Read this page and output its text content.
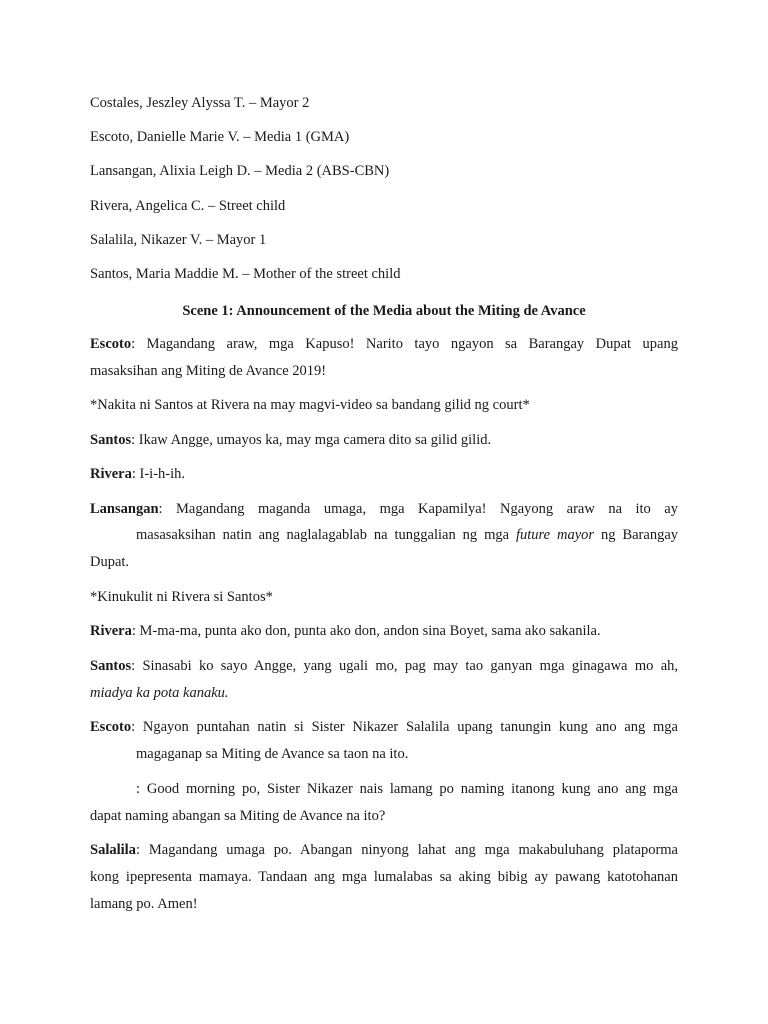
Costales, Jeszley Alyssa T. – Mayor 2
Escoto, Danielle Marie V. – Media 1 (GMA)
Lansangan, Alixia Leigh D. – Media 2 (ABS-CBN)
Rivera, Angelica C. – Street child
Salalila, Nikazer V. – Mayor 1
Santos, Maria Maddie M. – Mother of the street child
Scene 1: Announcement of the Media about the Miting de Avance
Escoto: Magandang araw, mga Kapuso! Narito tayo ngayon sa Barangay Dupat upang
masaksihan ang Miting de Avance 2019!
*Nakita ni Santos at Rivera na may magvi-video sa bandang gilid ng court*
Santos: Ikaw Angge, umayos ka, may mga camera dito sa gilid gilid.
Rivera: I-i-h-ih.
Lansangan: Magandang maganda umaga, mga Kapamilya! Ngayong araw na ito ay
masasaksihan natin ang naglalagablab na tunggalian ng mga future mayor ng Barangay
Dupat.
*Kinukulit ni Rivera si Santos*
Rivera: M-ma-ma, punta ako don, punta ako don, andon sina Boyet, sama ako sakanila.
Santos: Sinasabi ko sayo Angge, yang ugali mo, pag may tao ganyan mga ginagawa mo ah,
miadya ka pota kanaku.
Escoto: Ngayon puntahan natin si Sister Nikazer Salalila upang tanungin kung ano ang mga
magaganap sa Miting de Avance sa taon na ito.
: Good morning po, Sister Nikazer nais lamang po naming itanong kung ano ang mga
dapat naming abangan sa Miting de Avance na ito?
Salalila: Magandang umaga po. Abangan ninyong lahat ang mga makabuluhang plataporma
kong ipepresenta mamaya. Tandaan ang mga lumalabas sa aking bibig ay pawang katotohanan
lamang po. Amen!
